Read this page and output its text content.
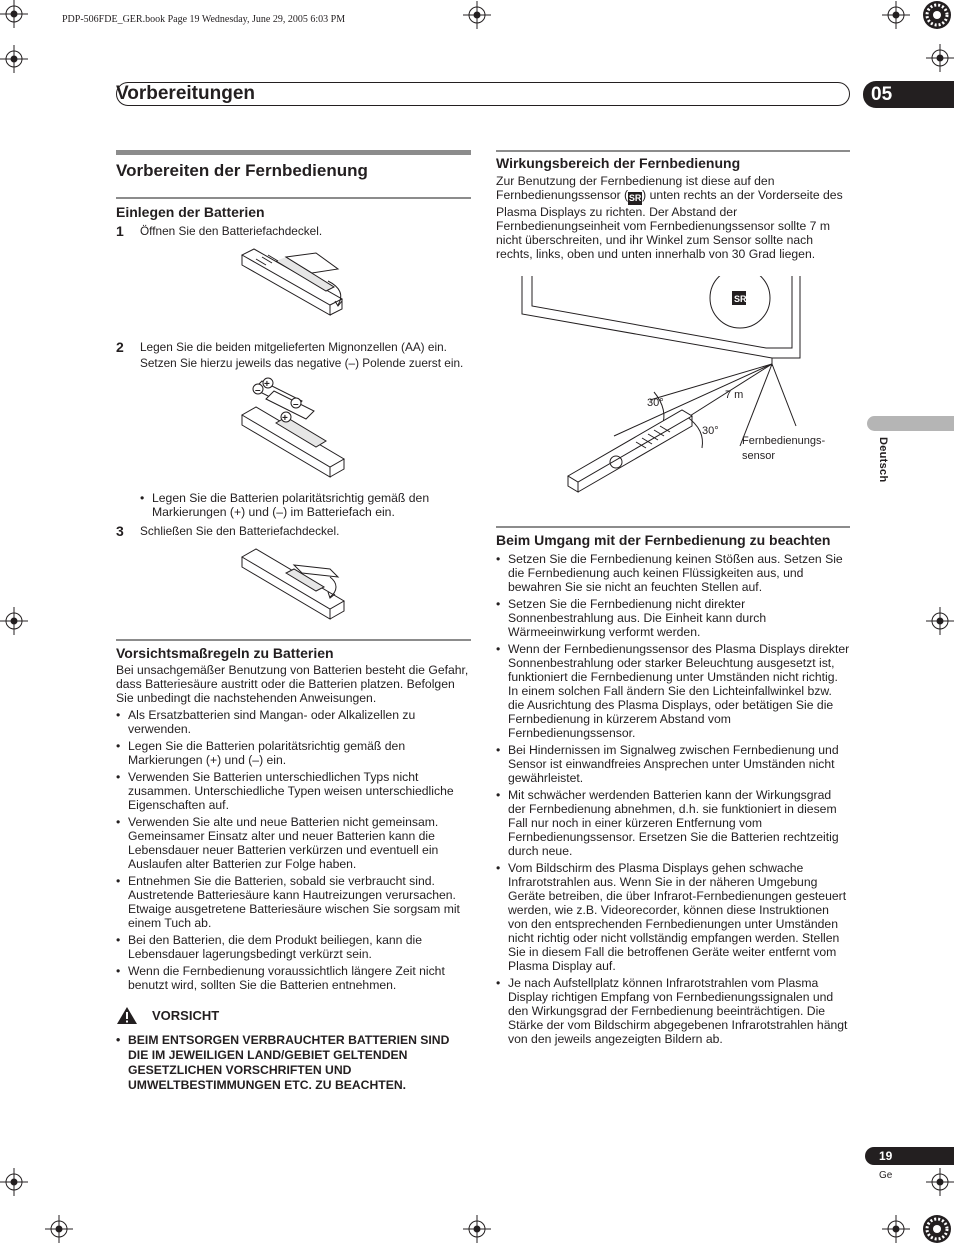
PDP-506FDE_GER.book Page 19 Wednesday, June 29, 2005 6:03 PM
Vorbereitungen	05
Deutsch
Vorbereiten der Fernbedienung
Einlegen der Batterien
1	Öffnen Sie den Batteriefachdeckel.
2	Legen Sie die beiden mitgelieferten Mignonzellen (AA) ein. Setzen Sie hierzu jeweils das negative (–) Polende zuerst ein.
–
+
+
–
• Legen Sie die Batterien polaritätsrichtig gemäß den Markierungen (+) und (–) im Batteriefach ein.
3	Schließen Sie den Batteriefachdeckel.
Vorsichtsmaßregeln zu Batterien

Bei unsachgemäßer Benutzung von Batterien besteht die Gefahr, dass Batteriesäure austritt oder die Batterien platzen. Befolgen Sie unbedingt die nachstehenden Anweisungen.

• Als Ersatzbatterien sind Mangan- oder Alkalizellen zu verwenden.
• Legen Sie die Batterien polaritätsrichtig gemäß den Markierungen (+) und (–) ein.
• Verwenden Sie Batterien unterschiedlichen Typs nicht zusammen. Unterschiedliche Typen weisen unterschiedliche Eigenschaften auf.
• Verwenden Sie alte und neue Batterien nicht gemeinsam. Gemeinsamer Einsatz alter und neuer Batterien kann die Lebensdauer neuer Batterien verkürzen und eventuell ein Auslaufen alter Batterien zur Folge haben.
• Entnehmen Sie die Batterien, sobald sie verbraucht sind. Austretende Batteriesäure kann Hautreizungen verursachen. Etwaige ausgetretene Batteriesäure wischen Sie sorgsam mit einem Tuch ab.
• Bei den Batterien, die dem Produkt beiliegen, kann die Lebensdauer lagerungsbedingt verkürzt sein.
• Wenn die Fernbedienung voraussichtlich längere Zeit nicht benutzt wird, sollten Sie die Batterien entnehmen.
VORSICHT
• BEIM ENTSORGEN VERBRAUCHTER BATTERIEN SIND DIE IM JEWEILIGEN LAND/GEBIET GELTENDEN GESETZLICHEN VORSCHRIFTEN UND UMWELTBESTIMMUNGEN ETC. ZU BEACHTEN.
Wirkungsbereich der Fernbedienung

Zur Benutzung der Fernbedienung ist diese auf den Fernbedienungssensor (SR) unten rechts an der Vorderseite des Plasma Displays zu richten. Der Abstand der Fernbedienungseinheit vom Fernbedienungssensor sollte 7 m nicht überschreiten, und ihr Winkel zum Sensor sollte nach rechts, links, oben und unten innerhalb von 30 Grad liegen.

SR
30°
7 m
30°
Fernbedienungs-
sensor
Beim Umgang mit der Fernbedienung zu beachten
• Setzen Sie die Fernbedienung keinen Stößen aus. Setzen Sie die Fernbedienung auch keinen Flüssigkeiten aus, und bewahren Sie sie nicht an feuchten Stellen auf.
• Setzen Sie die Fernbedienung nicht direkter Sonnenbestrahlung aus. Die Einheit kann durch Wärmeeinwirkung verformt werden.
• Wenn der Fernbedienungssensor des Plasma Displays direkter Sonnenbestrahlung oder starker Beleuchtung ausgesetzt ist, funktioniert die Fernbedienung unter Umständen nicht richtig. In einem solchen Fall ändern Sie den Lichteinfallwinkel bzw. die Ausrichtung des Plasma Displays, oder betätigen Sie die Fernbedienung in kürzerem Abstand vom Fernbedienungssensor.
• Bei Hindernissen im Signalweg zwischen Fernbedienung und Sensor ist einwandfreies Ansprechen unter Umständen nicht gewährleistet.
• Mit schwächer werdenden Batterien kann der Wirkungsgrad der Fernbedienung abnehmen, d.h. sie funktioniert in diesem Fall nur noch in einer kürzeren Entfernung vom Fernbedienungssensor. Ersetzen Sie die Batterien rechtzeitig durch neue.
• Vom Bildschirm des Plasma Displays gehen schwache Infrarotstrahlen aus. Wenn Sie in der näheren Umgebung Geräte betreiben, die über Infrarot-Fernbedienungen gesteuert werden, wie z.B. Videorecorder, können diese Instruktionen von den entsprechenden Fernbedienungen unter Umständen nicht richtig oder nicht vollständig empfangen werden. Stellen Sie in diesem Fall die betroffenen Geräte weiter entfernt vom Plasma Display auf.
• Je nach Aufstellplatz können Infrarotstrahlen vom Plasma Display richtigen Empfang von Fernbedienungssignalen und den Wirkungsgrad der Fernbedienung beeinträchtigen. Die Stärke der vom Bildschirm abgegebenen Infrarotstrahlen hängt von den jeweils angezeigten Bildern ab.
19
Ge
